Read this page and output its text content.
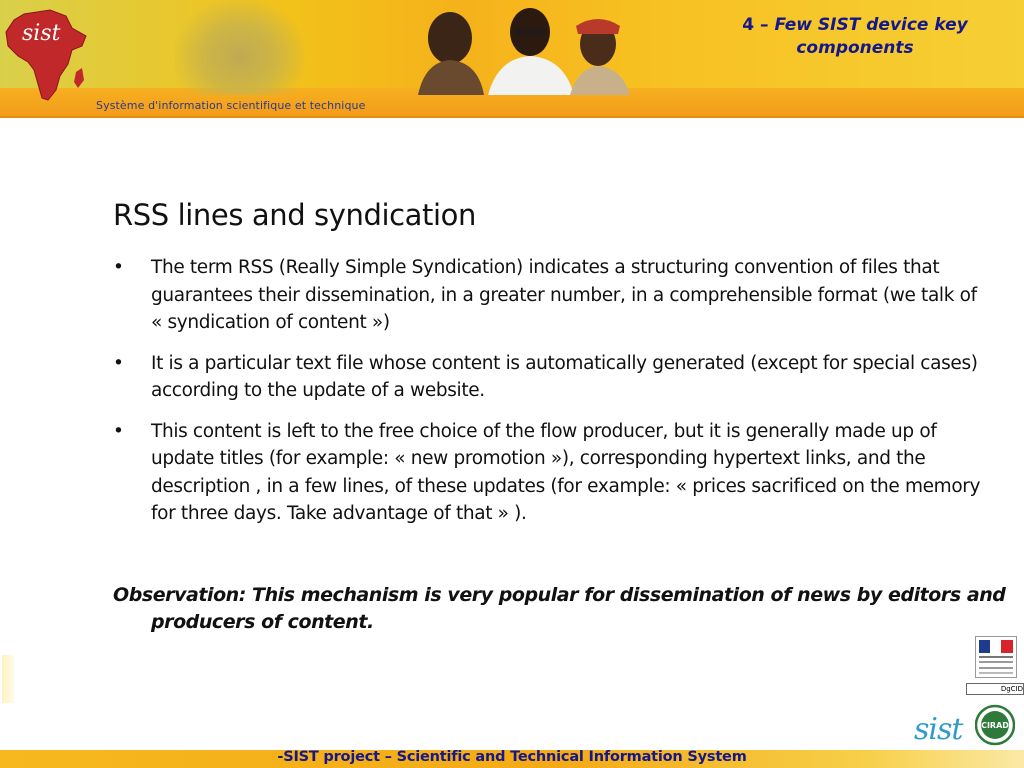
sist
Système d'information scientifique et technique
4 – Few SIST device key components
RSS lines and syndication
• The term RSS (Really Simple Syndication) indicates a structuring convention of files that guarantees their dissemination, in a greater number, in a comprehensible format (we talk of « syndication of content »)
• It is a particular text file whose content is automatically generated (except for special cases) according to the update of a website.
• This content is left to the free choice of the flow producer, but it is generally made up of update titles (for example: « new promotion »), corresponding hypertext links, and the description , in a few lines, of these updates (for example: « prices sacrificed on the memory for three days. Take advantage of that » ).
Observation: This mechanism is very popular for dissemination of news by editors and producers of content.
DgCID
sist CIRAD
-SIST project – Scientific and Technical Information System
